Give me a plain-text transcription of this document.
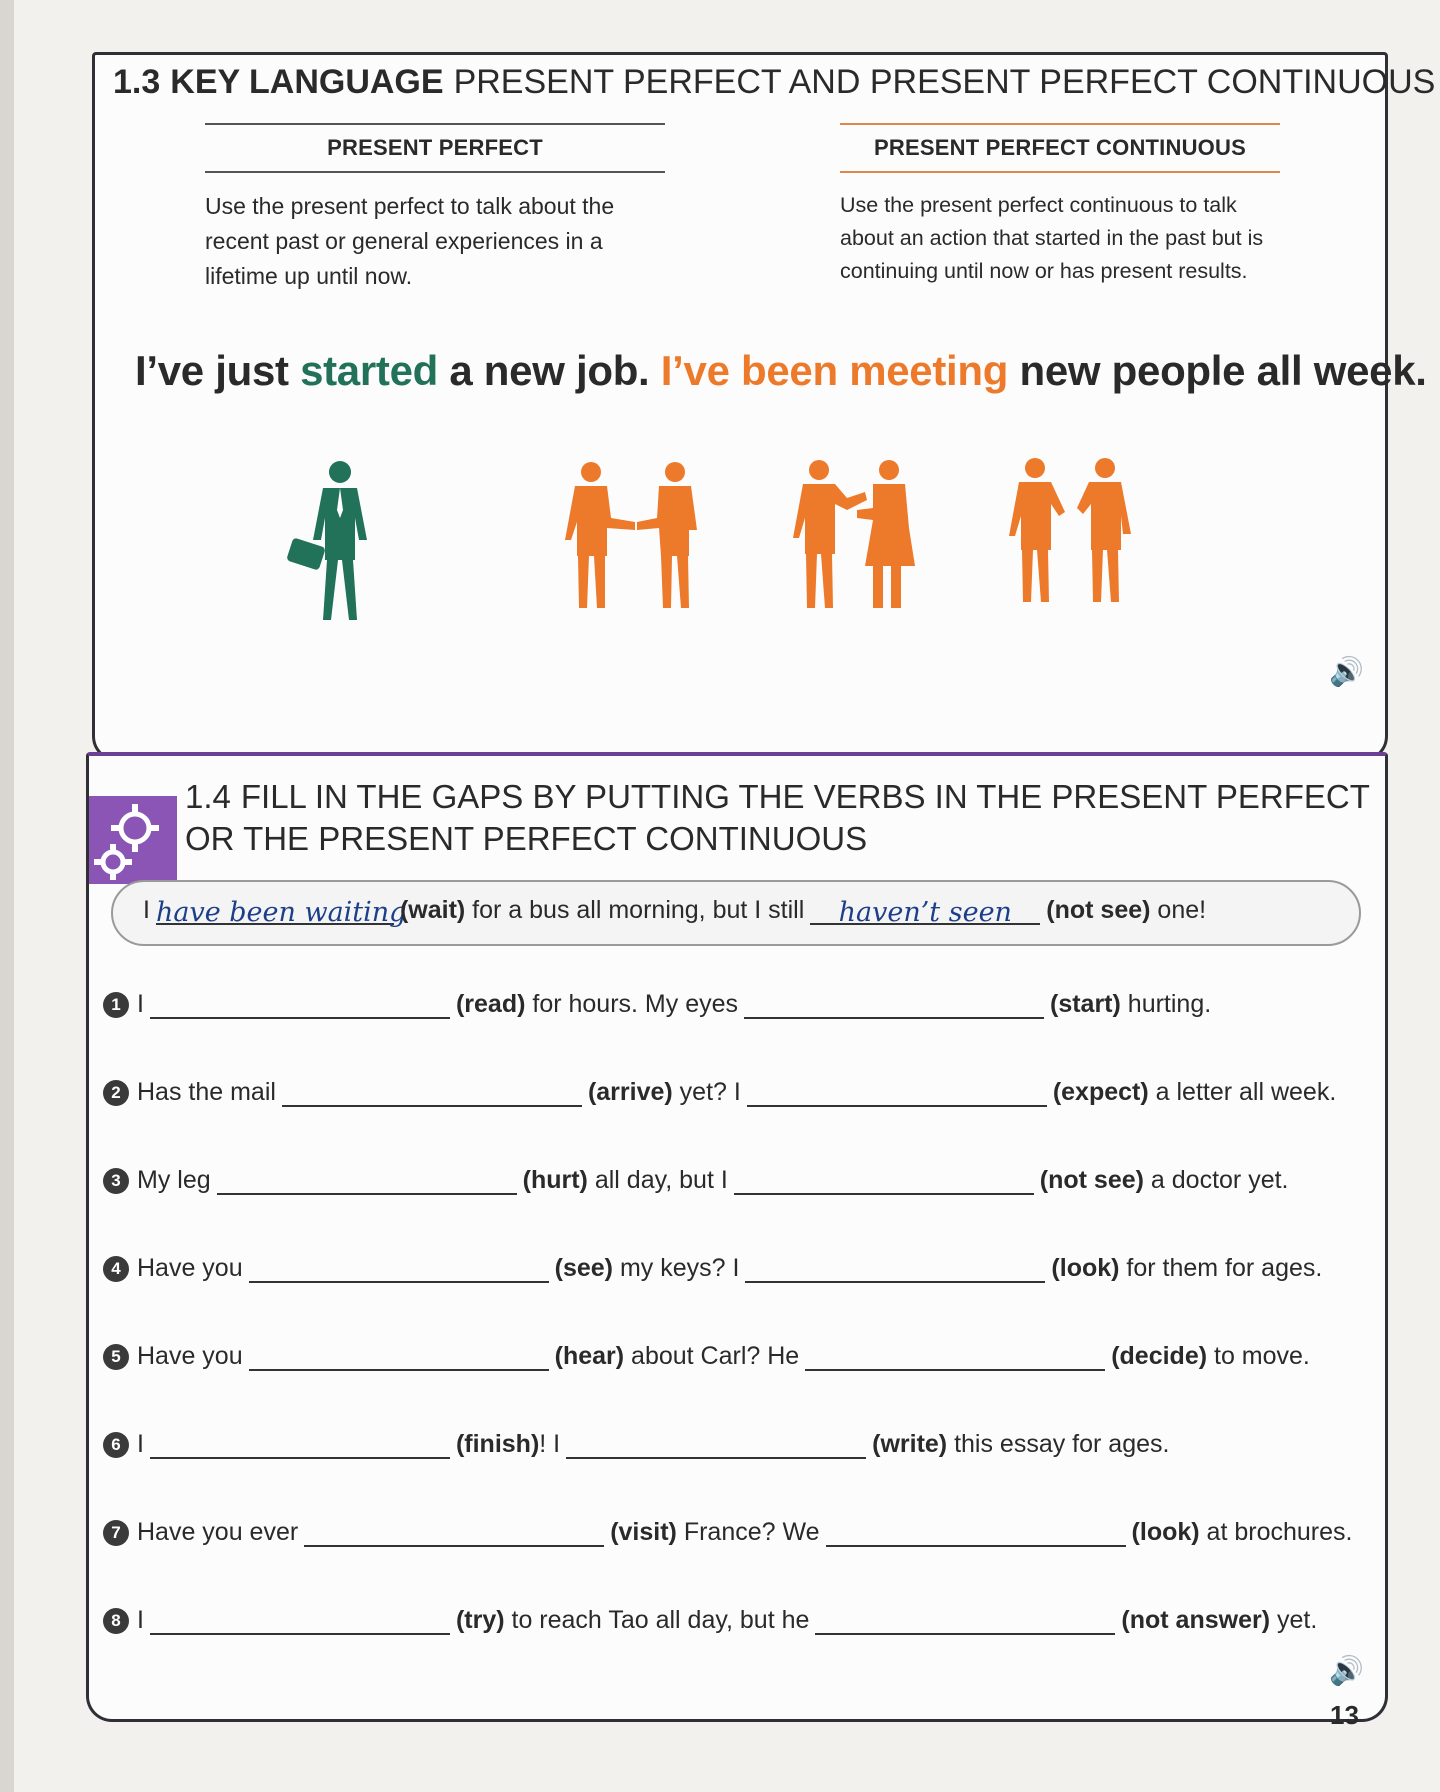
1.3 KEY LANGUAGE PRESENT PERFECT AND PRESENT PERFECT CONTINUOUS
PRESENT PERFECT
Use the present perfect to talk about the recent past or general experiences in a lifetime up until now.
PRESENT PERFECT CONTINUOUS
Use the present perfect continuous to talk about an action that started in the past but is continuing until now or has present results.
I’ve just started a new job. I’ve been meeting new people all week.
🔊
1.4 FILL IN THE GAPS BY PUTTING THE VERBS IN THE PRESENT PERFECT
OR THE PRESENT PERFECT CONTINUOUS
I have been waiting(wait) for a bus all morning, but I still haven’t seen (not see) one!
1 I	(read) for hours. My eyes	(start) hurting.
2 Has the mail	(arrive) yet? I	(expect) a letter all week.
3 My leg	(hurt) all day, but I	(not see) a doctor yet.
4 Have you	(see) my keys? I	(look) for them for ages.
5 Have you	(hear) about Carl? He	(decide) to move.
6 I	(finish)! I	(write) this essay for ages.
7 Have you ever	(visit) France? We	(look) at brochures.
8 I	(try) to reach Tao all day, but he	(not answer) yet.
🔊
13
